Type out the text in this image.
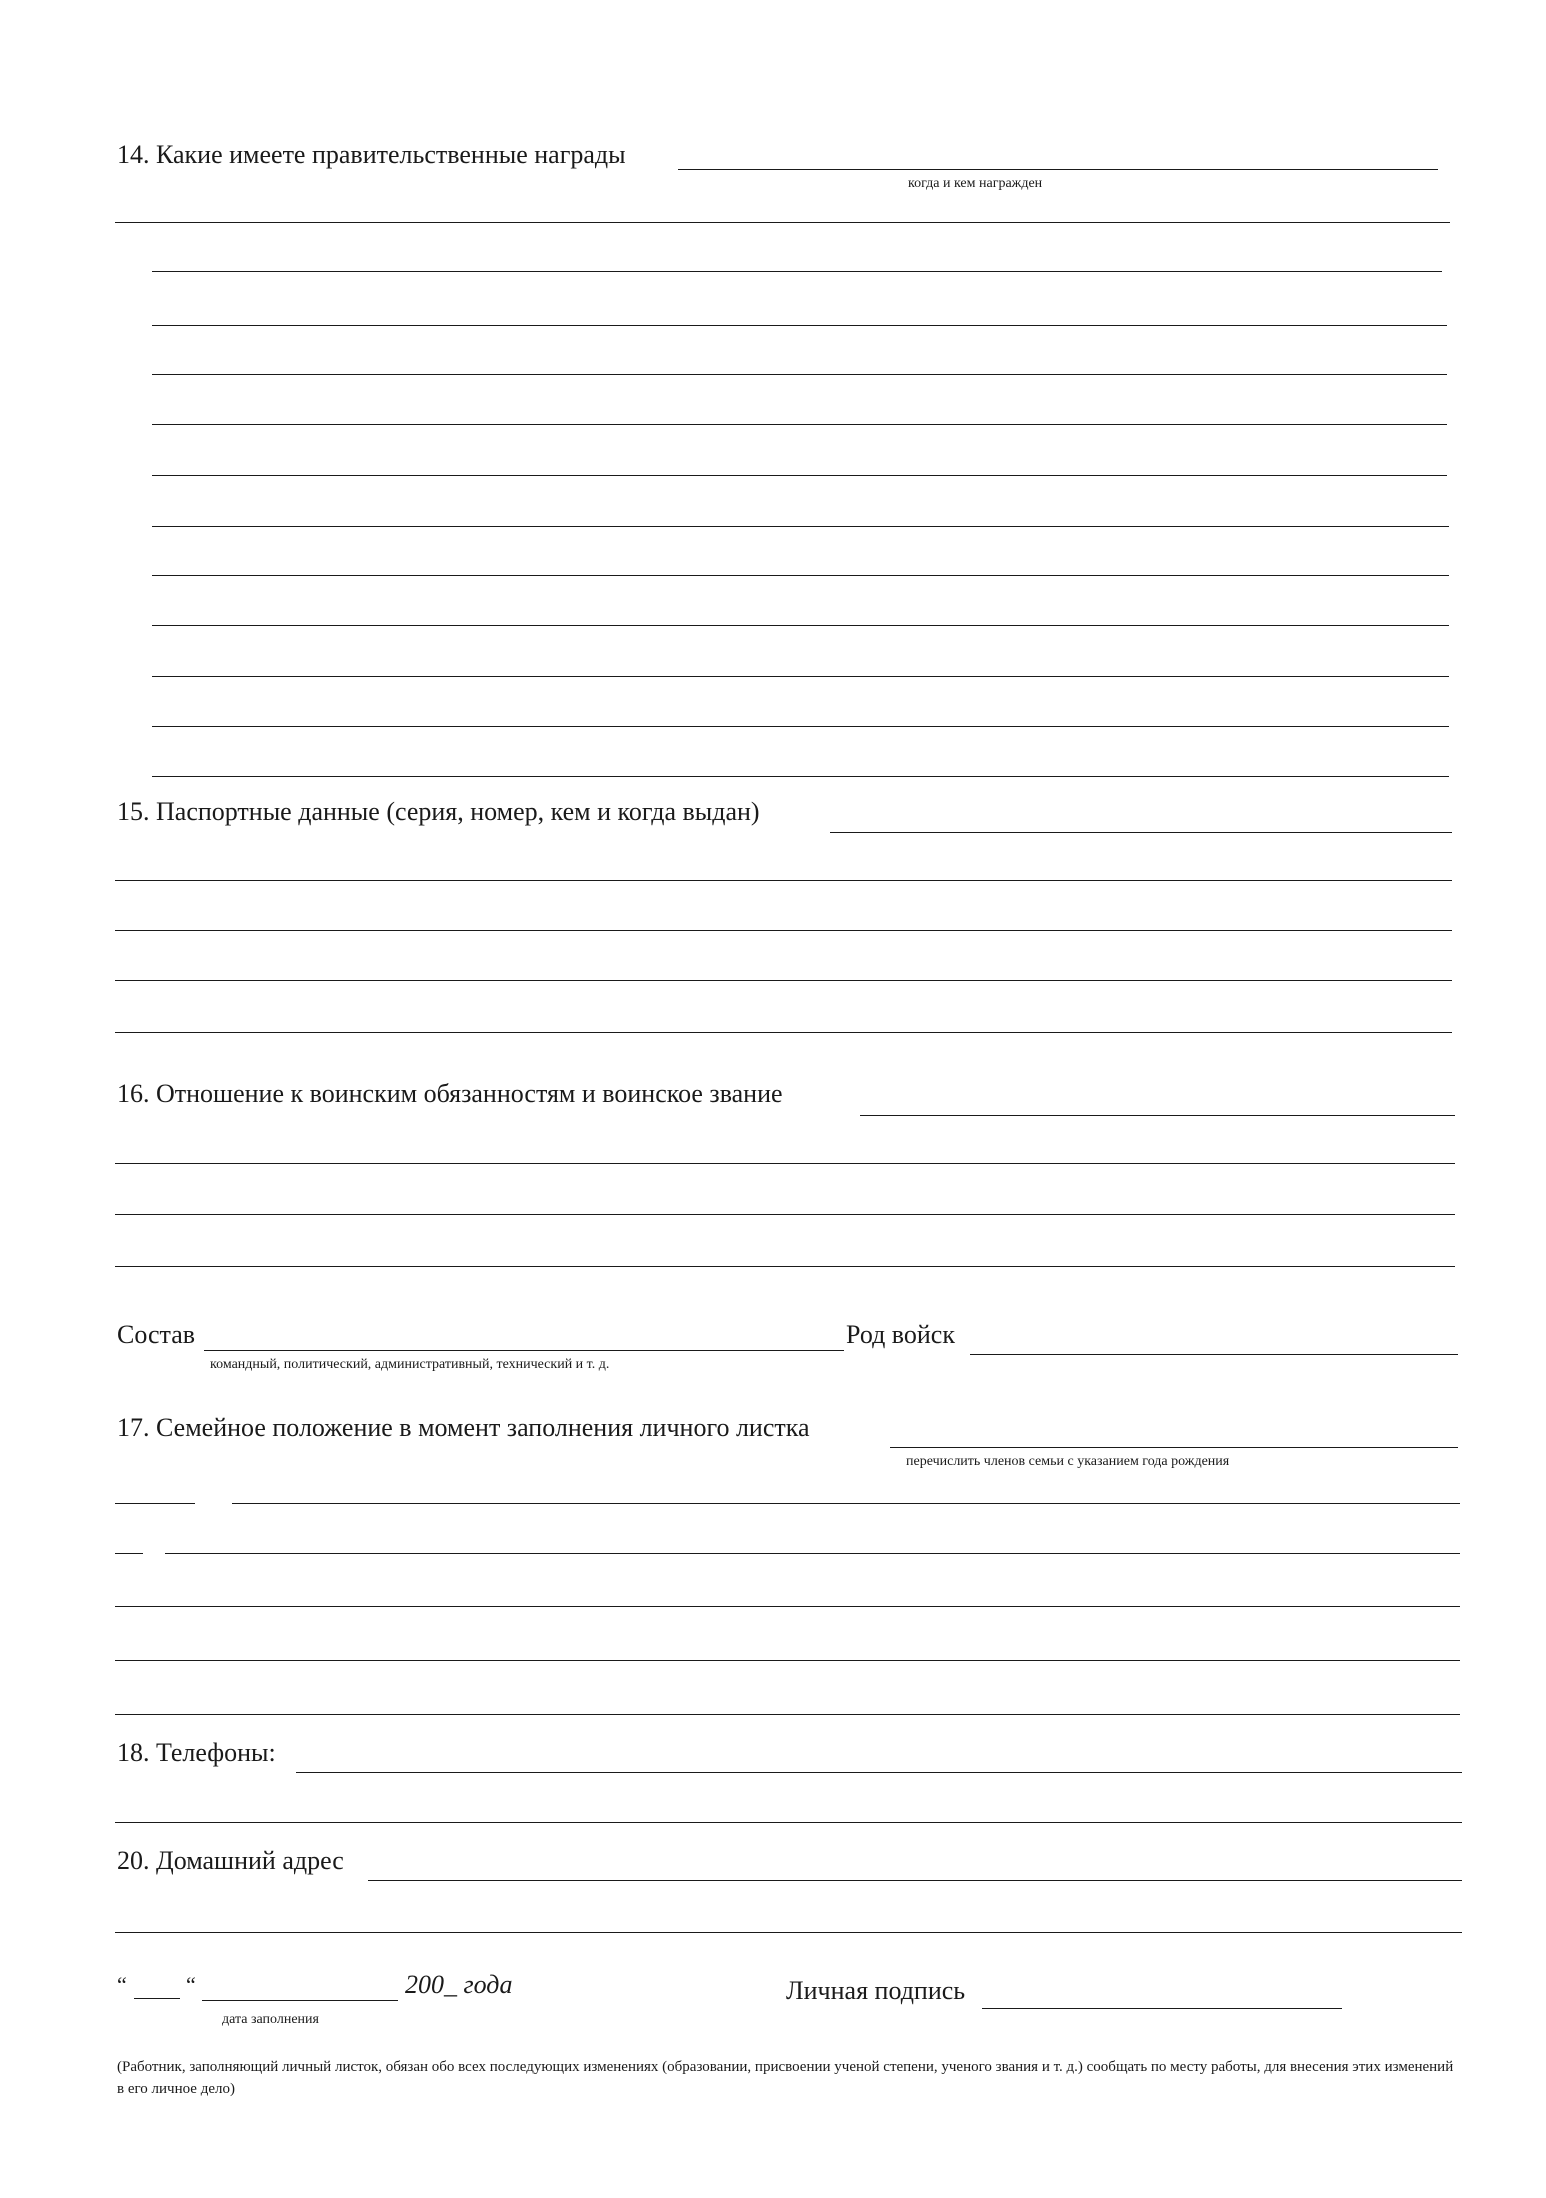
14. Какие имеете правительственные награды
когда и кем награжден
15. Паспортные данные (серия, номер, кем и когда выдан)
16. Отношение к воинским обязанностям и воинское звание
Состав
командный, политический, административный, технический и т. д.
Род войск
17. Семейное положение в момент заполнения личного листка
перечислить членов семьи с указанием года рождения
18. Телефоны:
20. Домашний адрес
“	“	200_ года
дата заполнения
Личная подпись
(Работник, заполняющий личный листок, обязан обо всех последующих изменениях (образовании, присвоении ученой степени, ученого звания и т. д.) сообщать по месту работы, для внесения этих изменений в его личное дело)
